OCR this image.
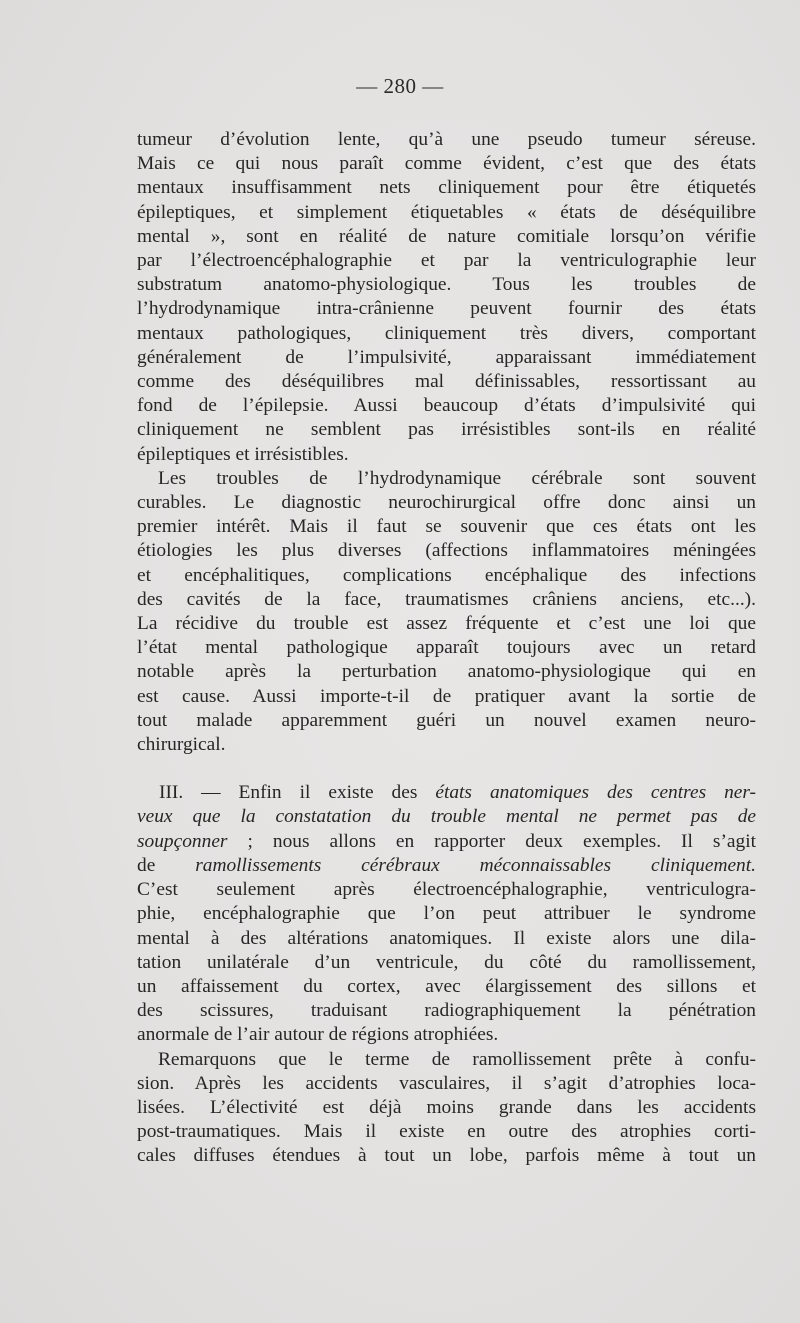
— 280 —

tumeur d’évolution lente, qu’à une pseudo tumeur séreuse.

Mais ce qui nous paraît comme évident, c’est que des états

mentaux insuffisamment nets cliniquement pour être étiquetés

épileptiques, et simplement étiquetables « états de déséquilibre

mental », sont en réalité de nature comitiale lorsqu’on vérifie

par l’électroencéphalographie et par la ventriculographie leur

substratum anatomo-physiologique. Tous les troubles de

l’hydrodynamique intra-crânienne peuvent fournir des états

mentaux pathologiques, cliniquement très divers, comportant

généralement de l’impulsivité, apparaissant immédiatement

comme des déséquilibres mal définissables, ressortissant au

fond de l’épilepsie. Aussi beaucoup d’états d’impulsivité qui

cliniquement ne semblent pas irrésistibles sont-ils en réalité

épileptiques et irrésistibles.

Les troubles de l’hydrodynamique cérébrale sont souvent

curables. Le diagnostic neurochirurgical offre donc ainsi un

premier intérêt. Mais il faut se souvenir que ces états ont les

étiologies les plus diverses (affections inflammatoires méningées

et encéphalitiques, complications encéphalique des infections

des cavités de la face, traumatismes crâniens anciens, etc...).

La récidive du trouble est assez fréquente et c’est une loi que

l’état mental pathologique apparaît toujours avec un retard

notable après la perturbation anatomo-physiologique qui en

est cause. Aussi importe-t-il de pratiquer avant la sortie de

tout malade apparemment guéri un nouvel examen neuro-

chirurgical.

III. — Enfin il existe des états anatomiques des centres ner-

veux que la constatation du trouble mental ne permet pas de

soupçonner ; nous allons en rapporter deux exemples. Il s’agit

de ramollissements cérébraux méconnaissables cliniquement.

C’est seulement après électroencéphalographie, ventriculogra-

phie, encéphalographie que l’on peut attribuer le syndrome

mental à des altérations anatomiques. Il existe alors une dila-

tation unilatérale d’un ventricule, du côté du ramollissement,

un affaissement du cortex, avec élargissement des sillons et

des scissures, traduisant radiographiquement la pénétration

anormale de l’air autour de régions atrophiées.

Remarquons que le terme de ramollissement prête à confu-

sion. Après les accidents vasculaires, il s’agit d’atrophies loca-

lisées. L’électivité est déjà moins grande dans les accidents

post-traumatiques. Mais il existe en outre des atrophies corti-

cales diffuses étendues à tout un lobe, parfois même à tout un
